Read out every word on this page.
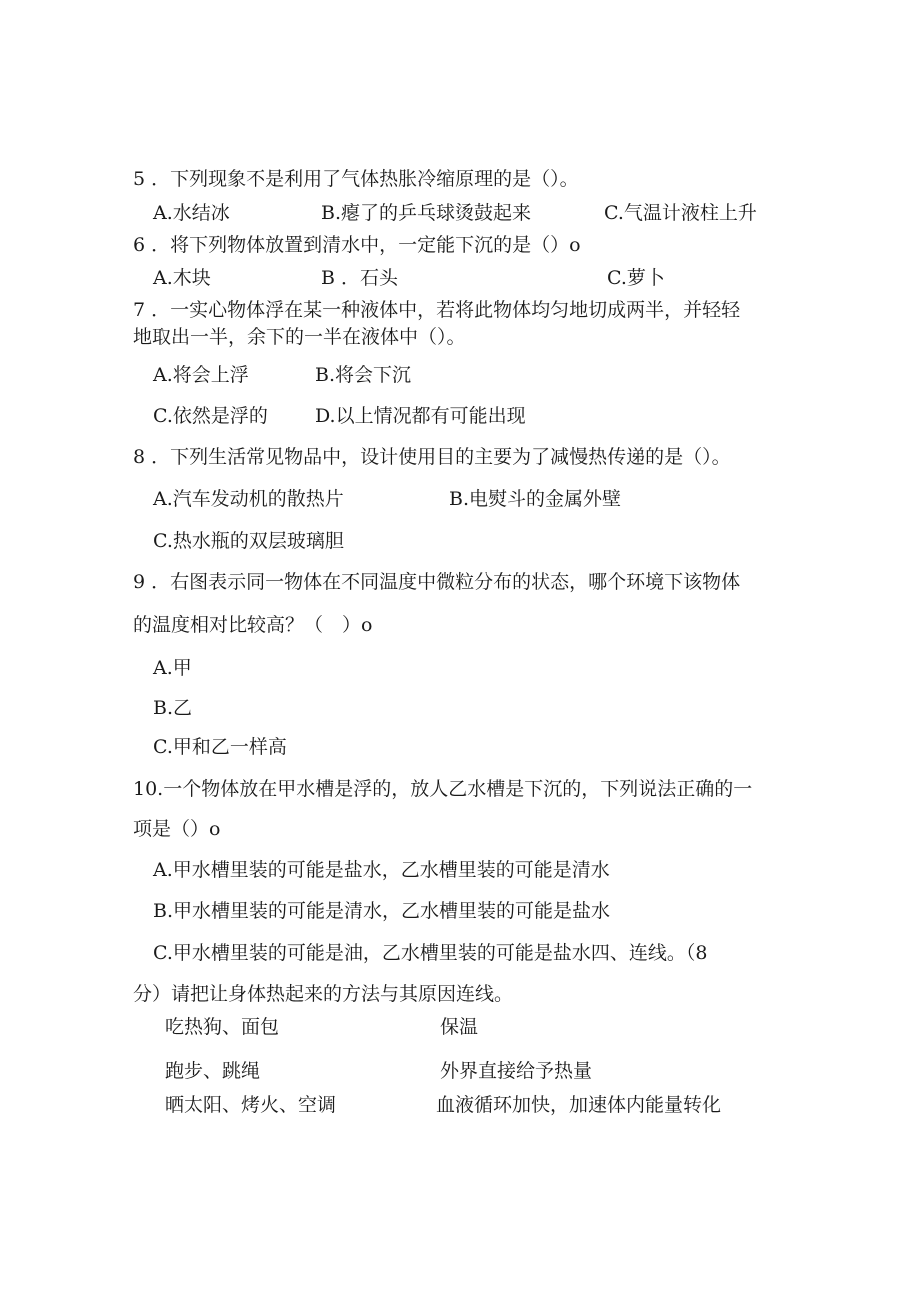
5 ．下列现象不是利用了气体热胀冷缩原理的是（）。
A.水结冰	B.瘪了的乒乓球烫鼓起来	C.气温计液柱上升
6 ．将下列物体放置到清水中，一定能下沉的是（）o
A.木块	B ．石头	C.萝卜
7 ．一实心物体浮在某一种液体中，若将此物体均匀地切成两半，并轻轻
地取出一半，余下的一半在液体中（）。
A.将会上浮	B.将会下沉
C.依然是浮的 D.以上情况都有可能出现
8 ．下列生活常见物品中，设计使用目的主要为了减慢热传递的是（）。
A.汽车发动机的散热片	B.电熨斗的金属外壁
C.热水瓶的双层玻璃胆
9 ．右图表示同一物体在不同温度中微粒分布的状态，哪个环境下该物体
的温度相对比较高？（　）o
A.甲
B.乙
C.甲和乙一样高
10.一个物体放在甲水槽是浮的，放人乙水槽是下沉的，下列说法正确的一
项是（）o
A.甲水槽里装的可能是盐水，乙水槽里装的可能是清水
B.甲水槽里装的可能是清水，乙水槽里装的可能是盐水
C.甲水槽里装的可能是油，乙水槽里装的可能是盐水四、连线。（8
分）请把让身体热起来的方法与其原因连线。
吃热狗、面包	保温
跑步、跳绳	外界直接给予热量
晒太阳、烤火、空调	血液循环加快，加速体内能量转化
